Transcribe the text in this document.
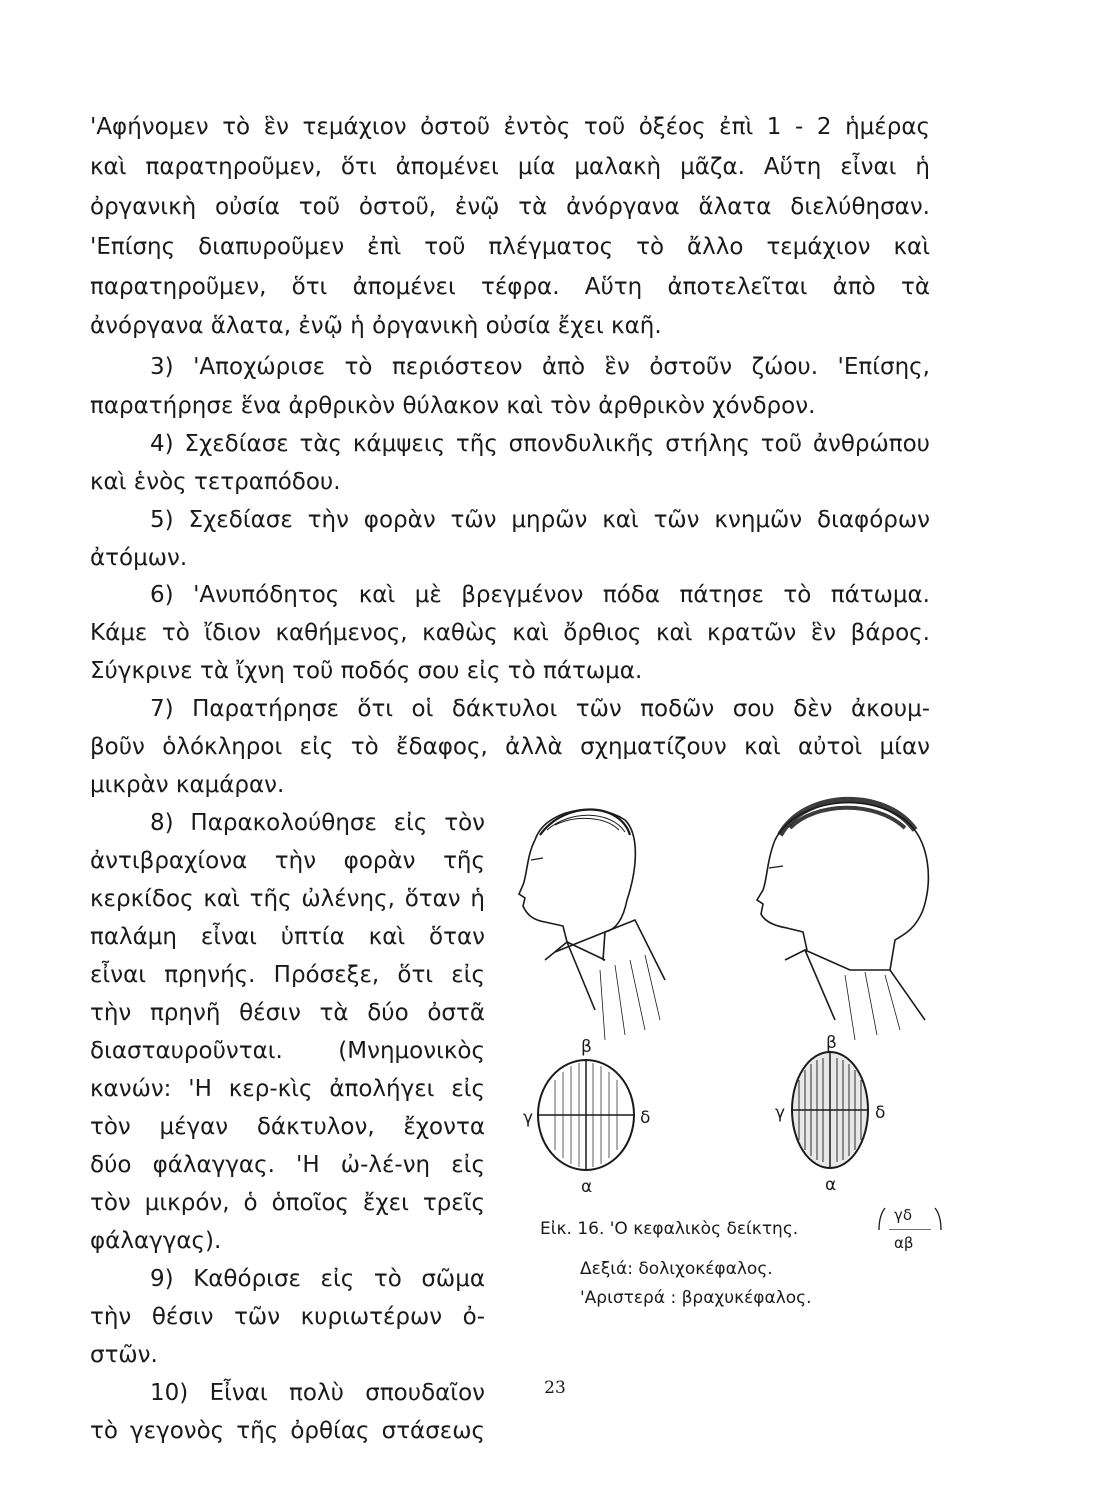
'Αφήνομεν τὸ ἓν τεμάχιον ὀστοῦ ἐντὸς τοῦ ὀξέος ἐπὶ 1 - 2 ἡμέρας
καὶ παρατηροῦμεν, ὅτι ἀπομένει μία μαλακὴ μᾶζα. Αὕτη εἶναι ἡ
ὀργανικὴ οὐσία τοῦ ὀστοῦ, ἐνῷ τὰ ἀνόργανα ἅλατα διελύθησαν.
'Επίσης διαπυροῦμεν ἐπὶ τοῦ πλέγματος τὸ ἄλλο τεμάχιον καὶ
παρατηροῦμεν, ὅτι ἀπομένει τέφρα. Αὕτη ἀποτελεῖται ἀπὸ τὰ
ἀνόργανα ἅλατα, ἐνῷ ἡ ὀργανικὴ οὐσία ἔχει καῆ.
3) 'Αποχώρισε τὸ περιόστεον ἀπὸ ἓν ὀστοῦν ζώου. 'Επίσης,
παρατήρησε ἕνα ἀρθρικὸν θύλακον καὶ τὸν ἀρθρικὸν χόνδρον.
4) Σχεδίασε τὰς κάμψεις τῆς σπονδυλικῆς στήλης τοῦ ἀνθρώπου
καὶ ἑνὸς τετραπόδου.
5) Σχεδίασε τὴν φορὰν τῶν μηρῶν καὶ τῶν κνημῶν διαφόρων
ἀτόμων.
6) 'Ανυπόδητος καὶ μὲ βρεγμένον πόδα πάτησε τὸ πάτωμα.
Κάμε τὸ ἴδιον καθήμενος, καθὼς καὶ ὄρθιος καὶ κρατῶν ἓν βάρος.
Σύγκρινε τὰ ἴχνη τοῦ ποδός σου εἰς τὸ πάτωμα.
7) Παρατήρησε ὅτι οἱ δάκτυλοι τῶν ποδῶν σου δὲν ἀκουμ-
βοῦν ὁλόκληροι εἰς τὸ ἔδαφος, ἀλλὰ σχηματίζουν καὶ αὐτοὶ μίαν
μικρὰν καμάραν.
8) Παρακολούθησε εἰς τὸν
ἀντιβραχίονα τὴν φορὰν τῆς
κερκίδος καὶ τῆς ὠλένης, ὅταν ἡ
παλάμη εἶναι ὑπτία καὶ ὅταν
εἶναι πρηνής. Πρόσεξε, ὅτι εἰς
τὴν πρηνῆ θέσιν τὰ δύο ὀστᾶ
διασταυροῦνται. (Μνημονικὸς
κανών: 'Η κερ-κὶς ἀπολήγει εἰς
τὸν μέγαν δάκτυλον, ἔχοντα
δύο φάλαγγας. 'Η ὠ-λέ-νη εἰς
τὸν μικρόν, ὁ ὁποῖος ἔχει τρεῖς
φάλαγγας).
9) Καθόρισε εἰς τὸ σῶμα
τὴν θέσιν τῶν κυριωτέρων ὀ-
στῶν.
10) Εἶναι πολὺ σπουδαῖον
τὸ γεγονὸς τῆς ὀρθίας στάσεως
β
γ	δ
α
β
γ	δ
α
Εἰκ. 16. 'Ο κεφαλικὸς δείκτης.
γδ
αβ
Δεξιά: δολιχοκέφαλος.
'Αριστερά : βραχυκέφαλος.
23
